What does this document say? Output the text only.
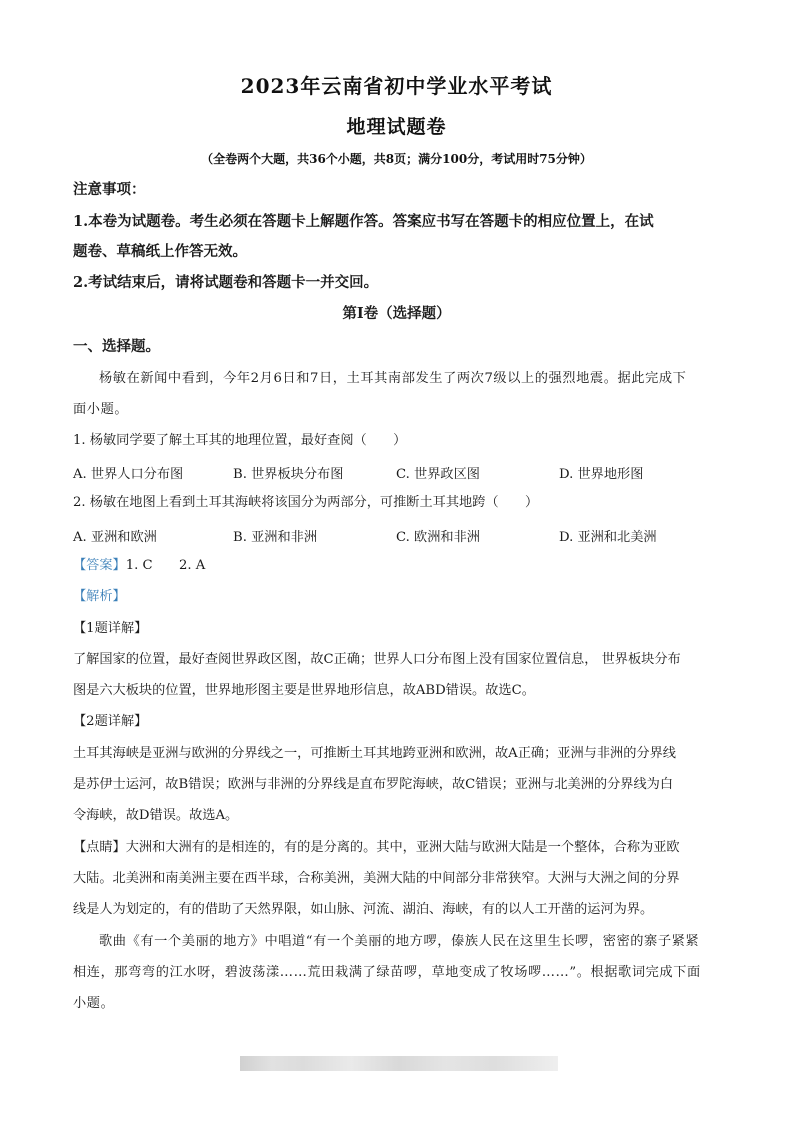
2023年云南省初中学业水平考试
地理试题卷
（全卷两个大题，共36个小题，共8页；满分100分，考试用时75分钟）
注意事项：
1.本卷为试题卷。考生必须在答题卡上解题作答。答案应书写在答题卡的相应位置上，在试
题卷、草稿纸上作答无效。
2.考试结束后，请将试题卷和答题卡一并交回。
第Ⅰ卷（选择题）
一、选择题。
杨敏在新闻中看到，今年2月6日和7日，土耳其南部发生了两次7级以上的强烈地震。据此完成下
面小题。
1. 杨敏同学要了解土耳其的地理位置，最好查阅（　　）
A. 世界人口分布图	B. 世界板块分布图	C. 世界政区图	D. 世界地形图
2. 杨敏在地图上看到土耳其海峡将该国分为两部分，可推断土耳其地跨（　　）
A. 亚洲和欧洲	B. 亚洲和非洲	C. 欧洲和非洲	D. 亚洲和北美洲
【答案】1. C　　2. A
【解析】
【1题详解】
了解国家的位置，最好查阅世界政区图，故C正确；世界人口分布图上没有国家位置信息， 世界板块分布
图是六大板块的位置，世界地形图主要是世界地形信息，故ABD错误。故选C。
【2题详解】
土耳其海峡是亚洲与欧洲的分界线之一，可推断土耳其地跨亚洲和欧洲，故A正确；亚洲与非洲的分界线
是苏伊士运河，故B错误；欧洲与非洲的分界线是直布罗陀海峡，故C错误；亚洲与北美洲的分界线为白
令海峡，故D错误。故选A。
【点睛】大洲和大洲有的是相连的，有的是分离的。其中，亚洲大陆与欧洲大陆是一个整体，合称为亚欧
大陆。北美洲和南美洲主要在西半球，合称美洲，美洲大陆的中间部分非常狭窄。大洲与大洲之间的分界
线是人为划定的，有的借助了天然界限，如山脉、河流、湖泊、海峡，有的以人工开凿的运河为界。
歌曲《有一个美丽的地方》中唱道“有一个美丽的地方啰，傣族人民在这里生长啰，密密的寨子紧紧
相连，那弯弯的江水呀，碧波荡漾……荒田栽满了绿苗啰，草地变成了牧场啰……”。根据歌词完成下面
小题。
